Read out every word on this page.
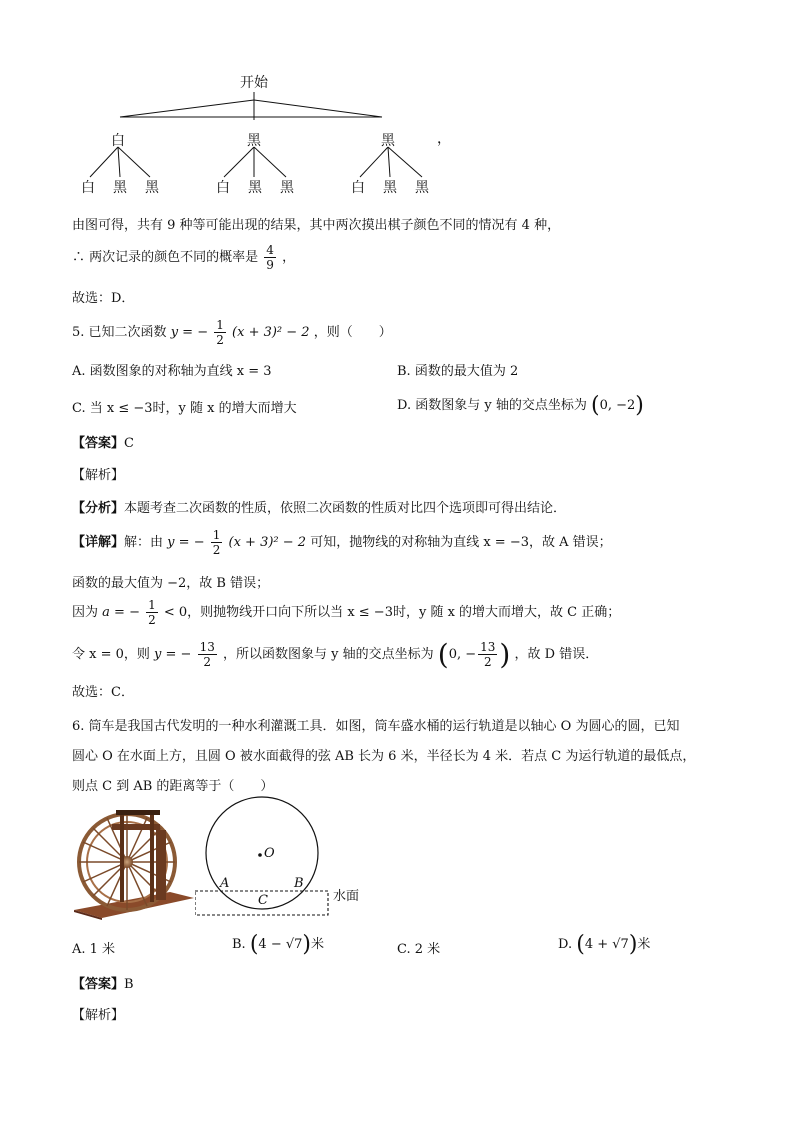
开始
白	黑	黑	，
白 黑 黑	白 黑 黑	白 黑 黑
由图可得，共有 9 种等可能出现的结果，其中两次摸出棋子颜色不同的情况有 4 种，
∴ 两次记录的颜色不同的概率是 $\frac{4}{9}$ ，
故选：D．
5. 已知二次函数 y = − $\frac{1}{2} (x + 3)^2 - 2$ ，则（　　）
A. 函数图象的对称轴为直线 x = 3	B. 函数的最大值为 2
C. 当 x ≤ −3时，y 随 x 的增大而增大	D. 函数图象与 y 轴的交点坐标为 (0, −2)
【答案】C
【解析】
【分析】本题考查二次函数的性质，依照二次函数的性质对比四个选项即可得出结论．
【详解】解：由 y = − $\frac{1}{2} (x + 3)^2 - 2$ 可知，抛物线的对称轴为直线 x = −3，故 A 错误；
函数的最大值为 −2，故 B 错误；
因为 a = − $\frac{1}{2} < 0$，则抛物线开口向下所以当 x ≤ −3时，y 随 x 的增大而增大，故 C 正确；
令 x = 0，则 y = − $\frac{13}{2}$ ，所以函数图象与 y 轴的交点坐标为 (0, − $\frac{13}{2}$ ) ，故 D 错误．
故选：C．
6. 筒车是我国古代发明的一种水利灌溉工具．如图，筒车盛水桶的运行轨道是以轴心 O 为圆心的圆，已知
圆心 O 在水面上方，且圆 O 被水面截得的弦 AB 长为 6 米，半径长为 4 米．若点 C 为运行轨道的最低点，
则点 C 到 AB 的距离等于（　　）
O
A	B
C	水面
A. 1 米	B. (4 − √7)米	C. 2 米	D. (4 + √7)米
【答案】B
【解析】
